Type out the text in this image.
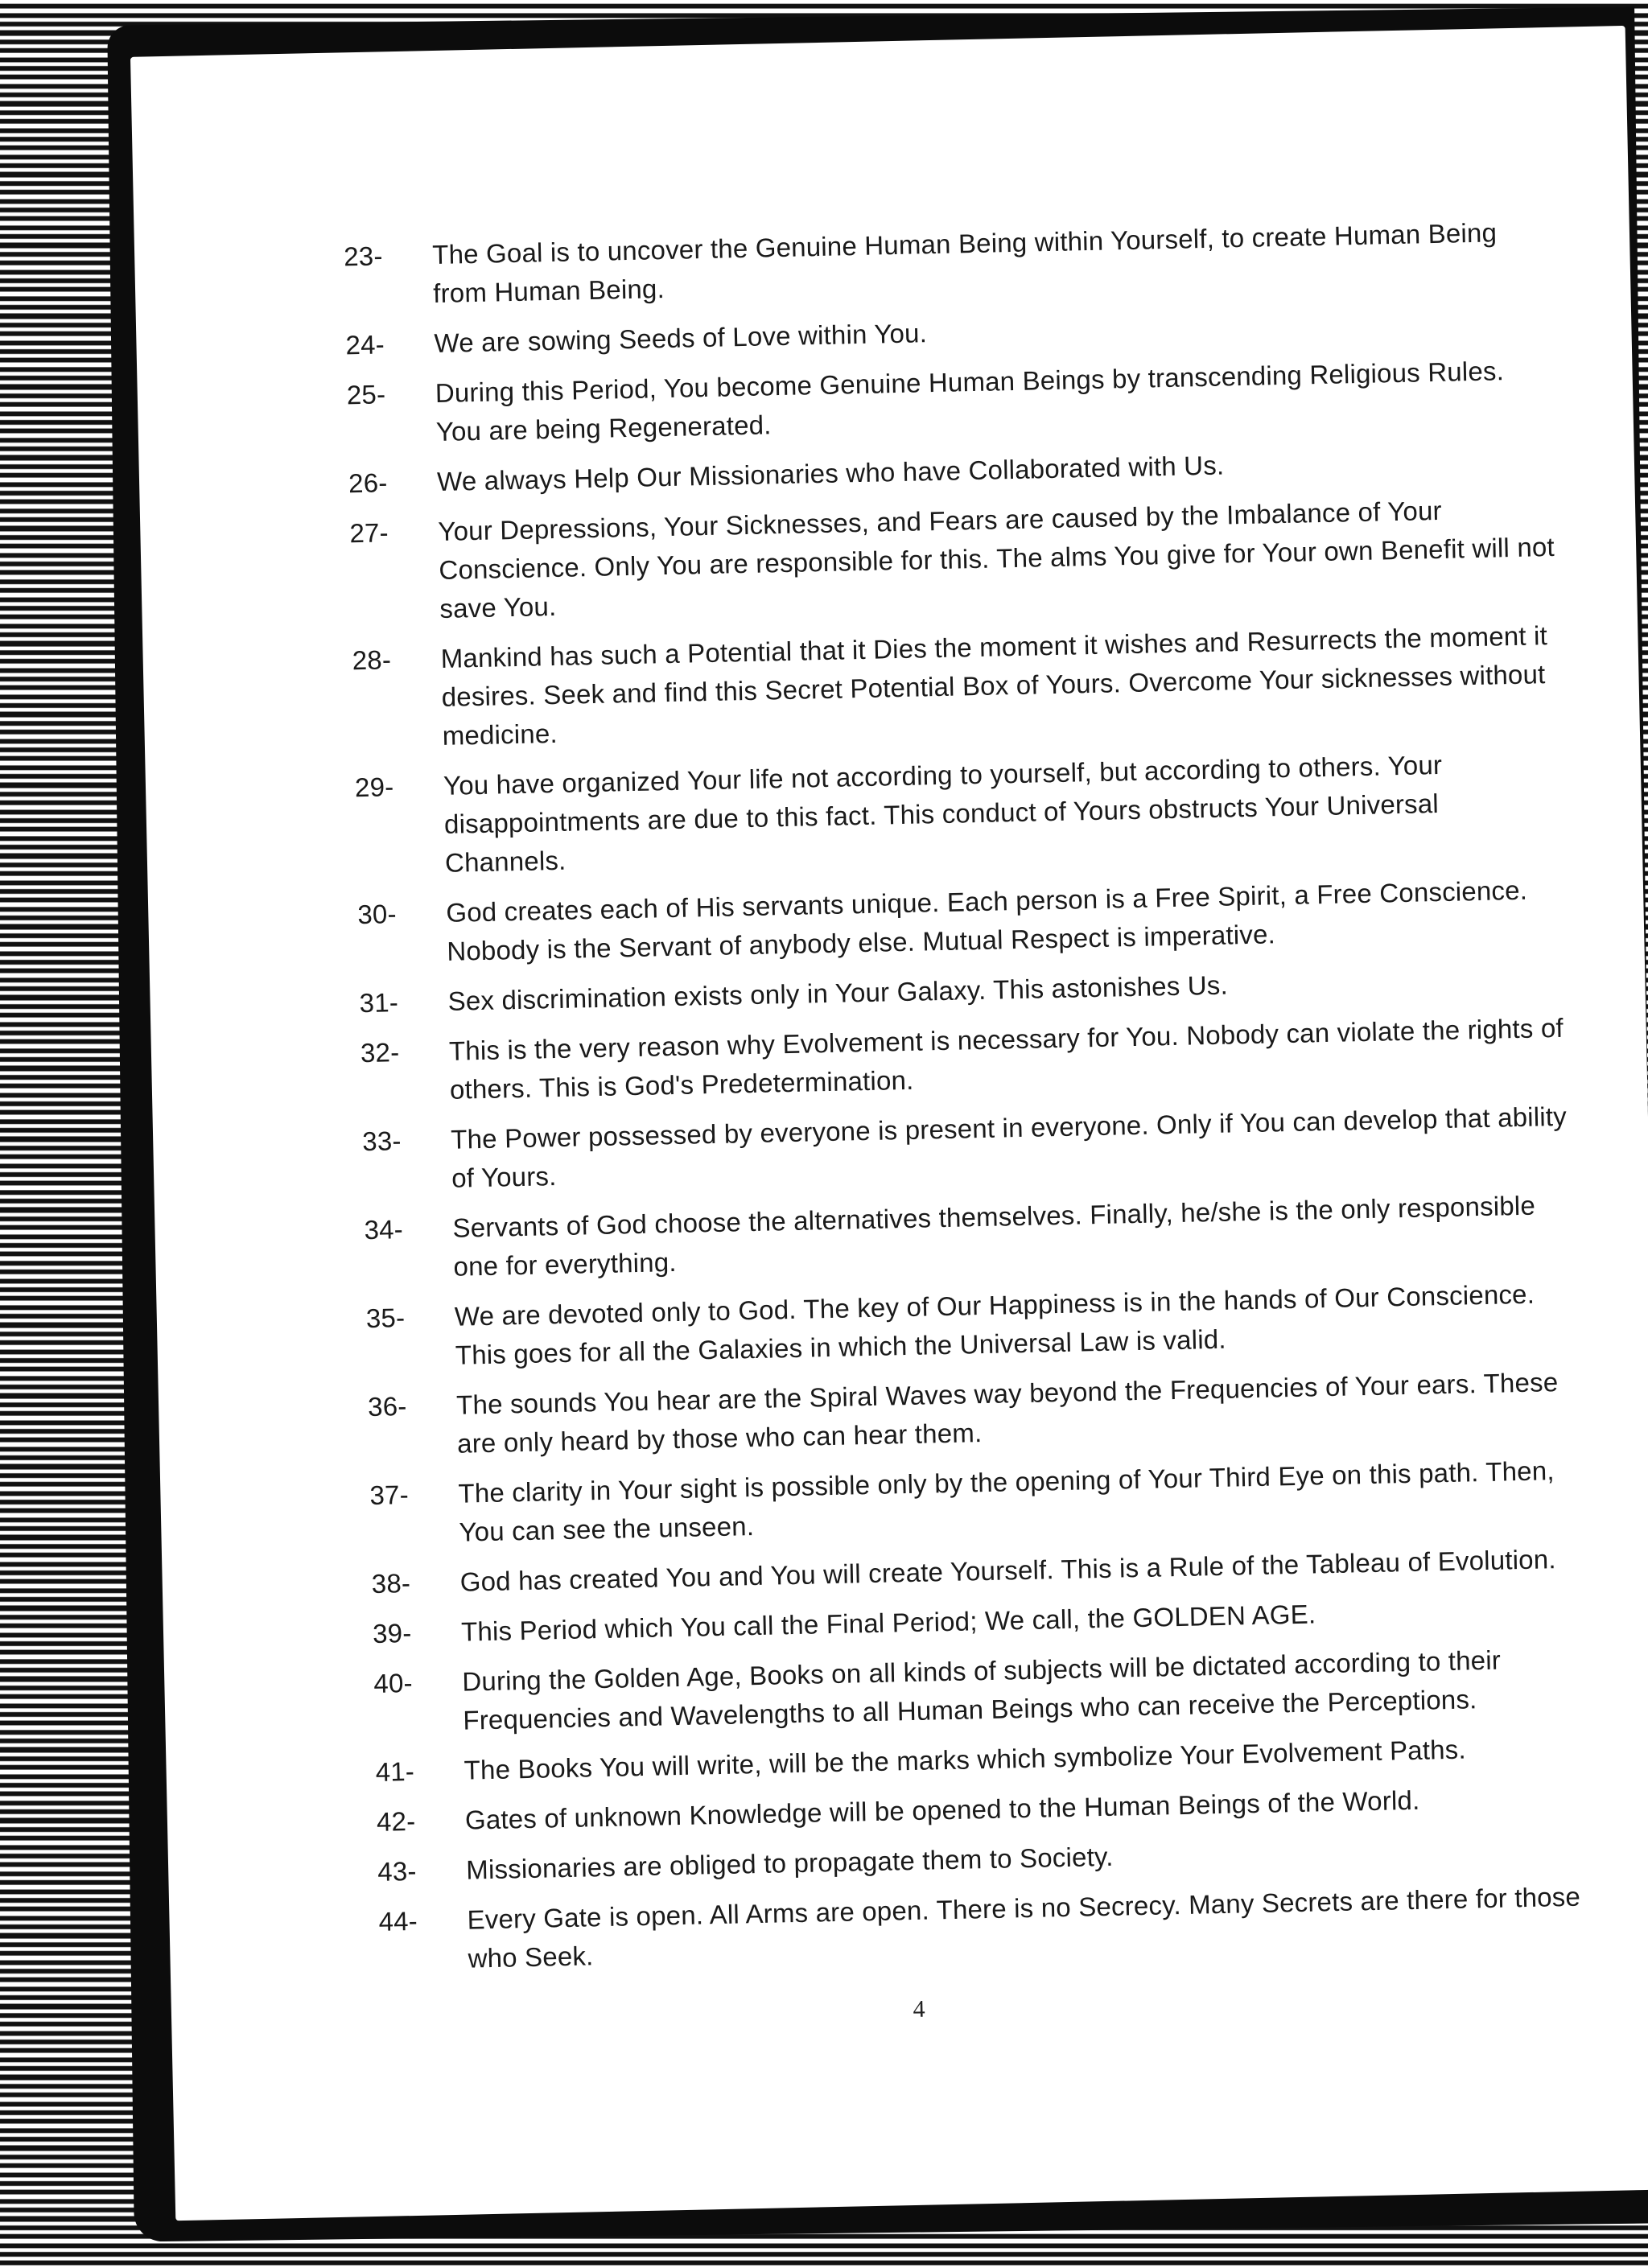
23-	The Goal is to uncover the Genuine Human Being within Yourself, to create Human Being from Human Being.
24-	We are sowing Seeds of Love within You.
25-	During this Period, You become Genuine Human Beings by transcending Religious Rules. You are being Regenerated.
26-	We always Help Our Missionaries who have Collaborated with Us.
27-	Your Depressions, Your Sicknesses, and Fears are caused by the Imbalance of Your Conscience. Only You are responsible for this. The alms You give for Your own Benefit will not save You.
28-	Mankind has such a Potential that it Dies the moment it wishes and Resurrects the moment it desires. Seek and find this Secret Potential Box of Yours. Overcome Your sicknesses without medicine.
29-	You have organized Your life not according to yourself, but according to others. Your disappointments are due to this fact. This conduct of Yours obstructs Your Universal Channels.
30-	God creates each of His servants unique. Each person is a Free Spirit, a Free Conscience. Nobody is the Servant of anybody else. Mutual Respect is imperative.
31-	Sex discrimination exists only in Your Galaxy. This astonishes Us.
32-	This is the very reason why Evolvement is necessary for You. Nobody can violate the rights of others. This is God's Predetermination.
33-	The Power possessed by everyone is present in everyone. Only if You can develop that ability of Yours.
34-	Servants of God choose the alternatives themselves. Finally, he/she is the only responsible one for everything.
35-	We are devoted only to God. The key of Our Happiness is in the hands of Our Conscience. This goes for all the Galaxies in which the Universal Law is valid.
36-	The sounds You hear are the Spiral Waves way beyond the Frequencies of Your ears. These are only heard by those who can hear them.
37-	The clarity in Your sight is possible only by the opening of Your Third Eye on this path. Then, You can see the unseen.
38-	God has created You and You will create Yourself. This is a Rule of the Tableau of Evolution.
39-	This Period which You call the Final Period; We call, the GOLDEN AGE.
40-	During the Golden Age, Books on all kinds of subjects will be dictated according to their Frequencies and Wavelengths to all Human Beings who can receive the Perceptions.
41-	The Books You will write, will be the marks which symbolize Your Evolvement Paths.
42-	Gates of unknown Knowledge will be opened to the Human Beings of the World.
43-	Missionaries are obliged to propagate them to Society.
44-	Every Gate is open. All Arms are open. There is no Secrecy. Many Secrets are there for those who Seek.
4
